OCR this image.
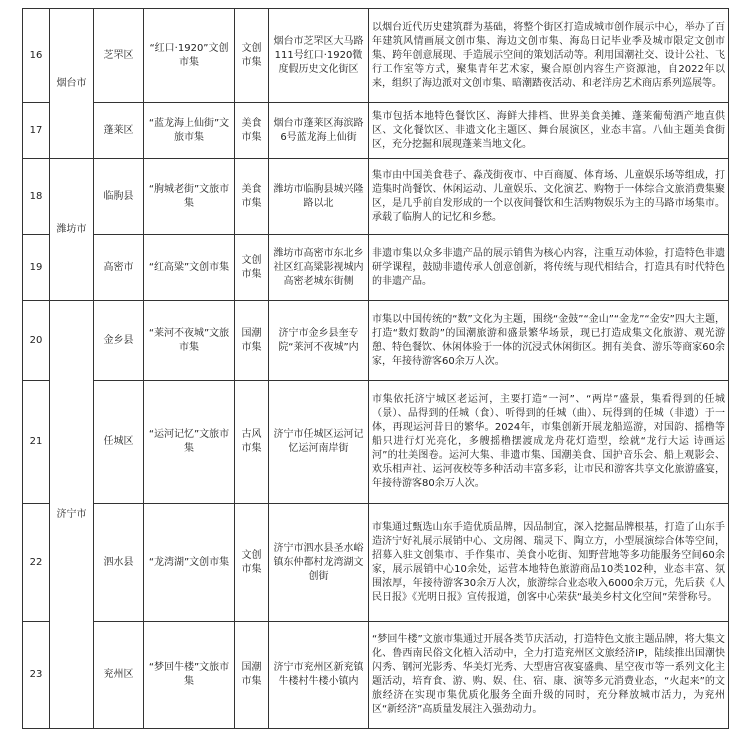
16	烟台市	芝罘区	“红口·1920”文创市集	文创市集	烟台市芝罘区大马路111号红口·1920微度假历史文化街区	以烟台近代历史建筑群为基础，将整个街区打造成城市创作展示中心，举办了百年建筑风情画展文创市集、海边文创市集、海岛日记毕业季及城市限定文创市集、跨年创意展现、手造展示空间的策划活动等。利用国潮社交、设计公社、飞行工作室等方式，聚集青年艺术家，聚合原创内容生产资源池，自2022年以来，组织了海边派对文创市集、暗潮踏夜活动、和老洋房艺术商店系列巡展等。
17		蓬莱区	“蓝龙海上仙街”文旅市集	美食市集	烟台市蓬莱区海滨路6号蓝龙海上仙街	集市包括本地特色餐饮区、海鲜大排档、世界美食美摊、蓬莱葡萄酒产地直供区、文化餐饮区、非遗文化主题区、舞台展演区，业态丰富。八仙主题美食街区，充分挖掘和展现蓬莱当地文化。
18	潍坊市	临朐县	“朐城老街”文旅市集	美食市集	潍坊市临朐县城兴隆路以北	集市由中国美食巷子、淼茂街夜市、中百商厦、体育场、儿童娱乐场等组成，打造集时尚餐饮、休闲运动、儿童娱乐、文化演艺、购物于一体综合文旅消费集聚区，是几乎前自发形成的一个以夜间餐饮和生活购物娱乐为主的马路市场集市。承载了临朐人的记忆和乡愁。
19		高密市	“红高粱”文创市集	文创市集	潍坊市高密市东北乡社区红高粱影视城内高密老城东街侧	非遗市集以众多非遗产品的展示销售为核心内容，注重互动体验，打造特色非遗研学课程，鼓励非遗传承人创意创新，将传统与现代相结合，打造具有时代特色的非遗产品。
20	济宁市	金乡县	“莱河不夜城”文旅市集	国潮市集	济宁市金乡县奎专院“莱河不夜城”内	市集以中国传统的“数”文化为主题，围绕“金鼓”“金山”“金龙”“金安”四大主题，打造“数灯数韵”的国潮旅游和盛景繁华场景，现已打造成集文化旅游、观光游憩、特色餐饮、休闲体验于一体的沉浸式休闲街区。拥有美食、游乐等商家60余家，年接待游客60余万人次。
21		任城区	“运河记忆”文旅市集	古风市集	济宁市任城区运河记忆运河南岸街	市集依托济宁城区老运河，主要打造“一河”、“两岸”盛景，集看得到的任城（景）、品得到的任城（食）、听得到的任城（曲）、玩得到的任城（非遗）于一体，再现运河昔日的繁华。2024年，市集创新开展龙船巡游，对国韵、摇橹等船只进行灯光亮化，多艘摇橹摆渡成龙舟花灯造型，绘就“龙行大运 诗画运河”的壮美图卷。运河大集、非遗市集、国潮美食、国护音乐会、船上观影会、欢乐相声社、运河夜校等多种活动丰富多彩，让市民和游客共享文化旅游盛宴，年接待游客80余万人次。
22		泗水县	“龙湾湖”文创市集	文创市集	济宁市泗水县圣水峪镇东仲都村龙湾湖文创街	市集通过甄选山东手造优质品牌，因品制宜，深入挖掘品牌根基，打造了山东手造济宁好礼展示展销中心、文房阁、瑞灵下、陶立方，小型展演综合体等空间，招募入驻文创集市、手作集市、美食小吃街、知野营地等多功能服务空间60余家，展示展销中心10余处，运营本地特色旅游商品10类102种，业态丰富、氛围浓厚，年接待游客30余万人次，旅游综合业态收入6000余万元，先后获《人民日报》《光明日报》宣传报道，创客中心荣获“最美乡村文化空间”荣誉称号。
23		兖州区	“梦回牛楼”文旅市集	国潮市集	济宁市兖州区新兖镇牛楼村牛楼小镇内	“梦回牛楼”文旅市集通过开展各类节庆活动，打造特色文旅主题品牌，将大集文化、鲁西南民俗文化植入活动中，全力打造兖州区文旅经济IP，陆续推出国潮快闪秀、钢河光影秀、华美灯光秀、大型唐宫夜宴盛典、星空夜市等一系列文化主题活动，培育食、游、购、娱、住、宿、康、演等多元消费业态，“火起来”的文旅经济在实现市集优质化服务全面升级的同时，充分释放城市活力，为兖州区“新经济”高质量发展注入强劲动力。
